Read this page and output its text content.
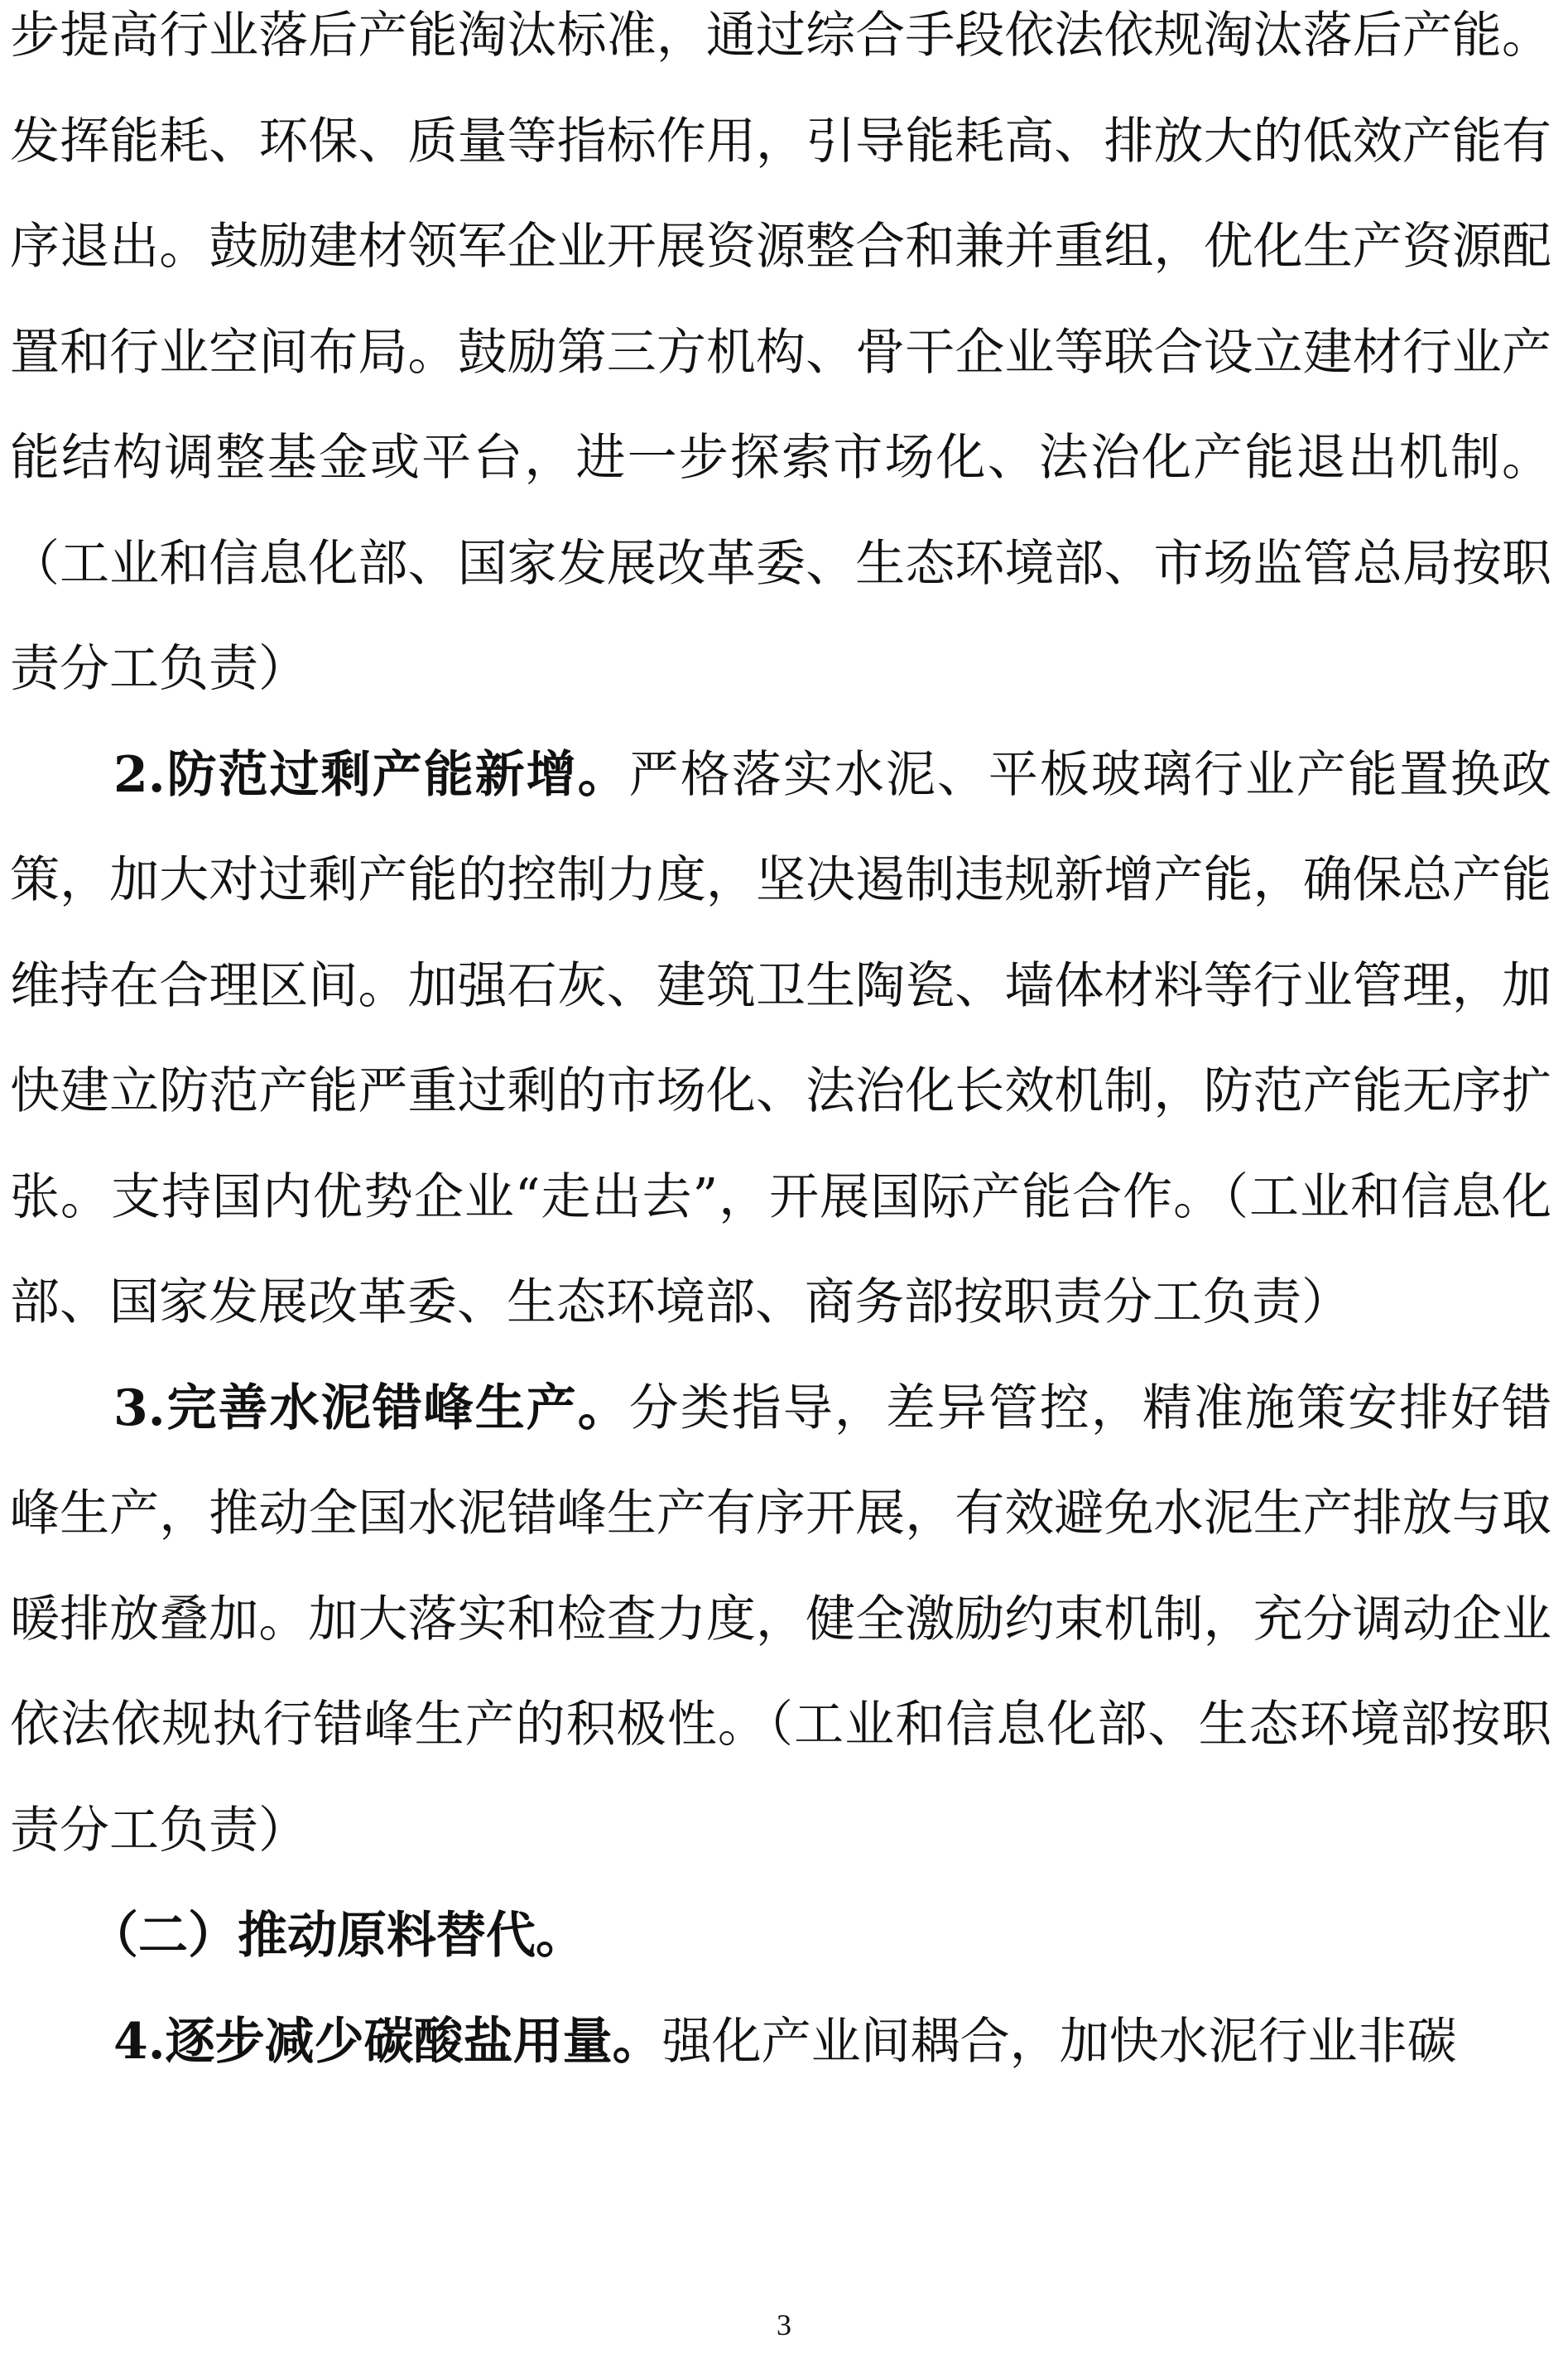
步提高行业落后产能淘汰标准，通过综合手段依法依规淘汰落后产能。发挥能耗、环保、质量等指标作用，引导能耗高、排放大的低效产能有序退出。鼓励建材领军企业开展资源整合和兼并重组，优化生产资源配置和行业空间布局。鼓励第三方机构、骨干企业等联合设立建材行业产能结构调整基金或平台，进一步探索市场化、法治化产能退出机制。（工业和信息化部、国家发展改革委、生态环境部、市场监管总局按职责分工负责）

2.防范过剩产能新增。严格落实水泥、平板玻璃行业产能置换政策，加大对过剩产能的控制力度，坚决遏制违规新增产能，确保总产能维持在合理区间。加强石灰、建筑卫生陶瓷、墙体材料等行业管理，加快建立防范产能严重过剩的市场化、法治化长效机制，防范产能无序扩张。支持国内优势企业“走出去”，开展国际产能合作。（工业和信息化部、国家发展改革委、生态环境部、商务部按职责分工负责）

3.完善水泥错峰生产。分类指导，差异管控，精准施策安排好错峰生产，推动全国水泥错峰生产有序开展，有效避免水泥生产排放与取暖排放叠加。加大落实和检查力度，健全激励约束机制，充分调动企业依法依规执行错峰生产的积极性。（工业和信息化部、生态环境部按职责分工负责）

（二）推动原料替代。

4.逐步减少碳酸盐用量。强化产业间耦合，加快水泥行业非碳

3
